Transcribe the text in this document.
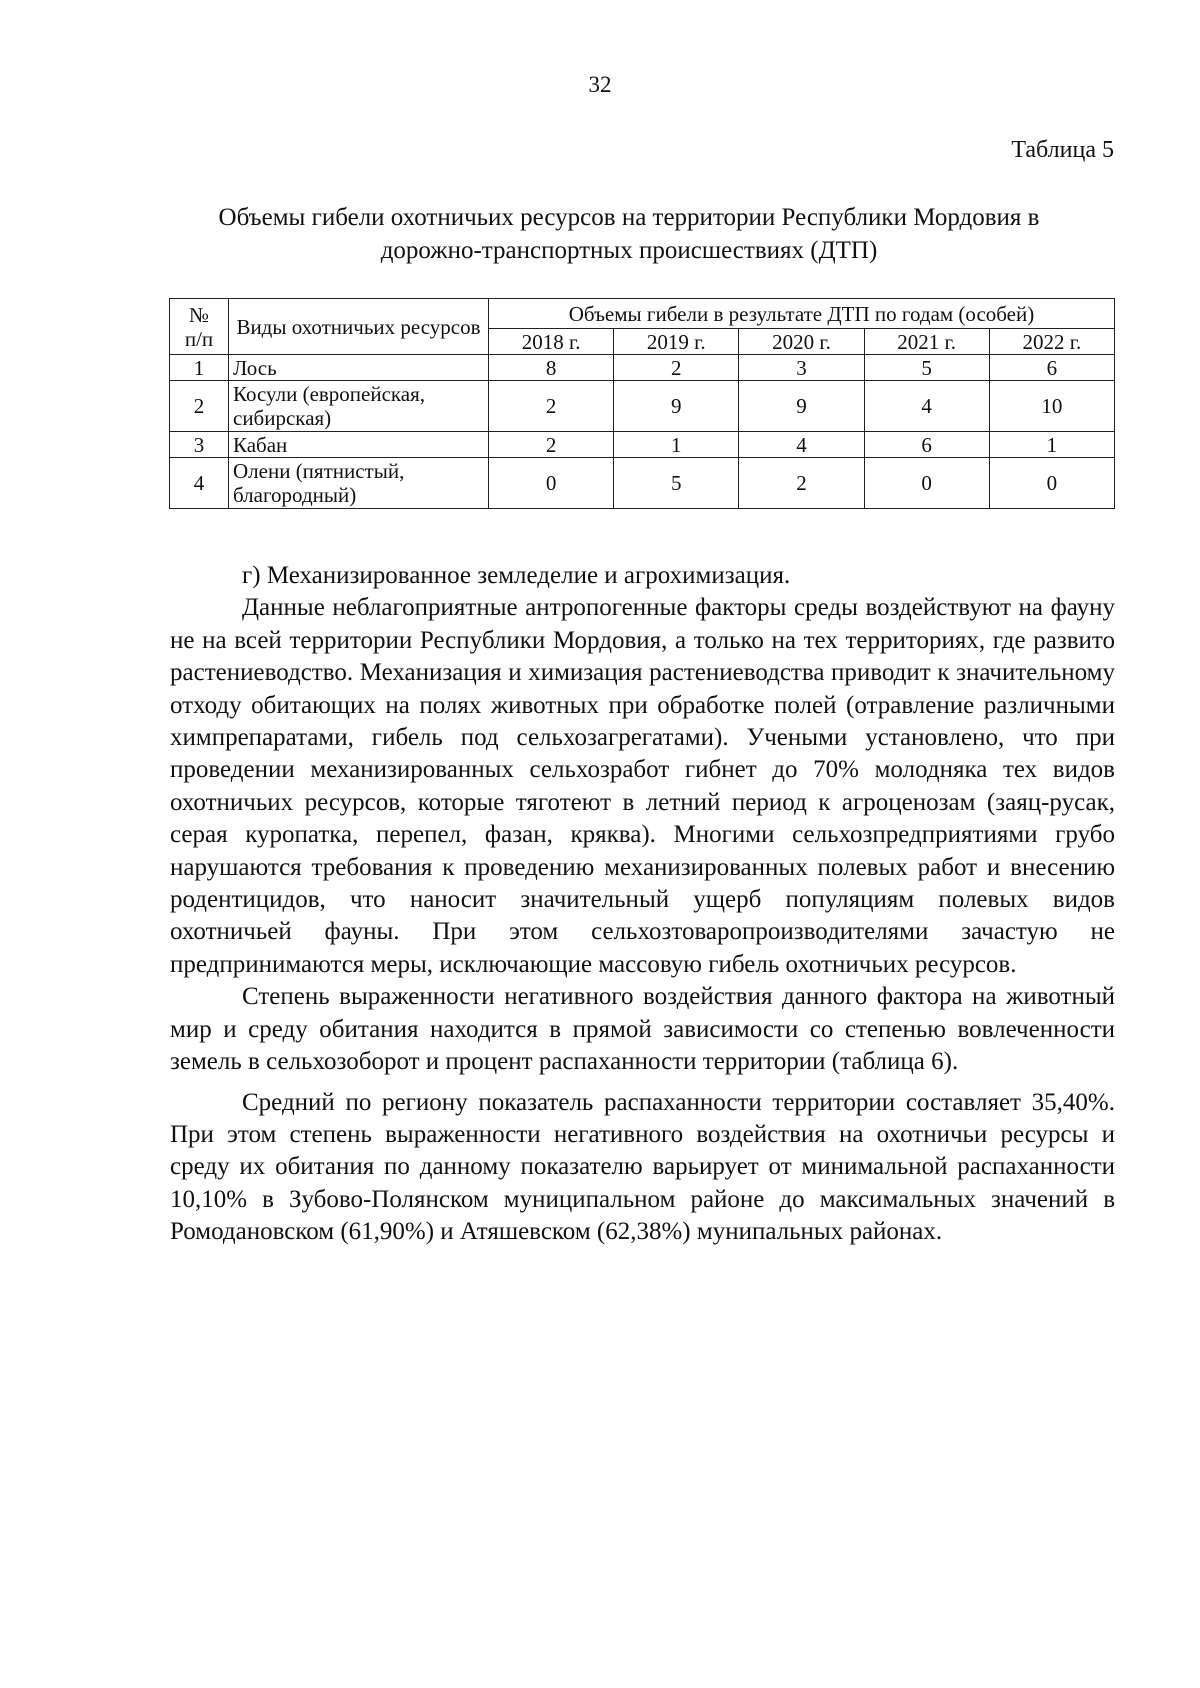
32
Таблица 5
Объемы гибели охотничьих ресурсов на территории Республики Мордовия в
дорожно-транспортных происшествиях (ДТП)
№
п/п	Виды охотничьих ресурсов	Объемы гибели в результате ДТП по годам (особей)				
		2018 г.	2019 г.	2020 г.	2021 г.	2022 г.
1	Лось	8	2	3	5	6
2	Косули (европейская, сибирская)	2	9	9	4	10
3	Кабан	2	1	4	6	1
4	Олени (пятнистый, благородный)	0	5	2	0	0

г) Механизированное земледелие и агрохимизация.

Данные неблагоприятные антропогенные факторы среды воздействуют на фауну не на всей территории Республики Мордовия, а только на тех территориях, где развито растениеводство. Механизация и химизация растениеводства приводит к значительному отходу обитающих на полях животных при обработке полей (отравление различными химпрепаратами, гибель под сельхозагрегатами). Учеными установлено, что при проведении механизированных сельхозработ гибнет до 70% молодняка тех видов охотничьих ресурсов, которые тяготеют в летний период к агроценозам (заяц-русак, серая куропатка, перепел, фазан, кряква). Многими сельхозпредприятиями грубо нарушаются требования к проведению механизированных полевых работ и внесению родентицидов, что наносит значительный ущерб популяциям полевых видов охотничьей фауны. При этом сельхозтоваропроизводителями зачастую не предпринимаются меры, исключающие массовую гибель охотничьих ресурсов.

Степень выраженности негативного воздействия данного фактора на животный мир и среду обитания находится в прямой зависимости со степенью вовлеченности земель в сельхозоборот и процент распаханности территории (таблица 6).

Средний по региону показатель распаханности территории составляет 35,40%. При этом степень выраженности негативного воздействия на охотничьи ресурсы и среду их обитания по данному показателю варьирует от минимальной распаханности 10,10% в Зубово-Полянском муниципальном районе до максимальных значений в Ромодановском (61,90%) и Атяшевском (62,38%) мунипальных районах.
